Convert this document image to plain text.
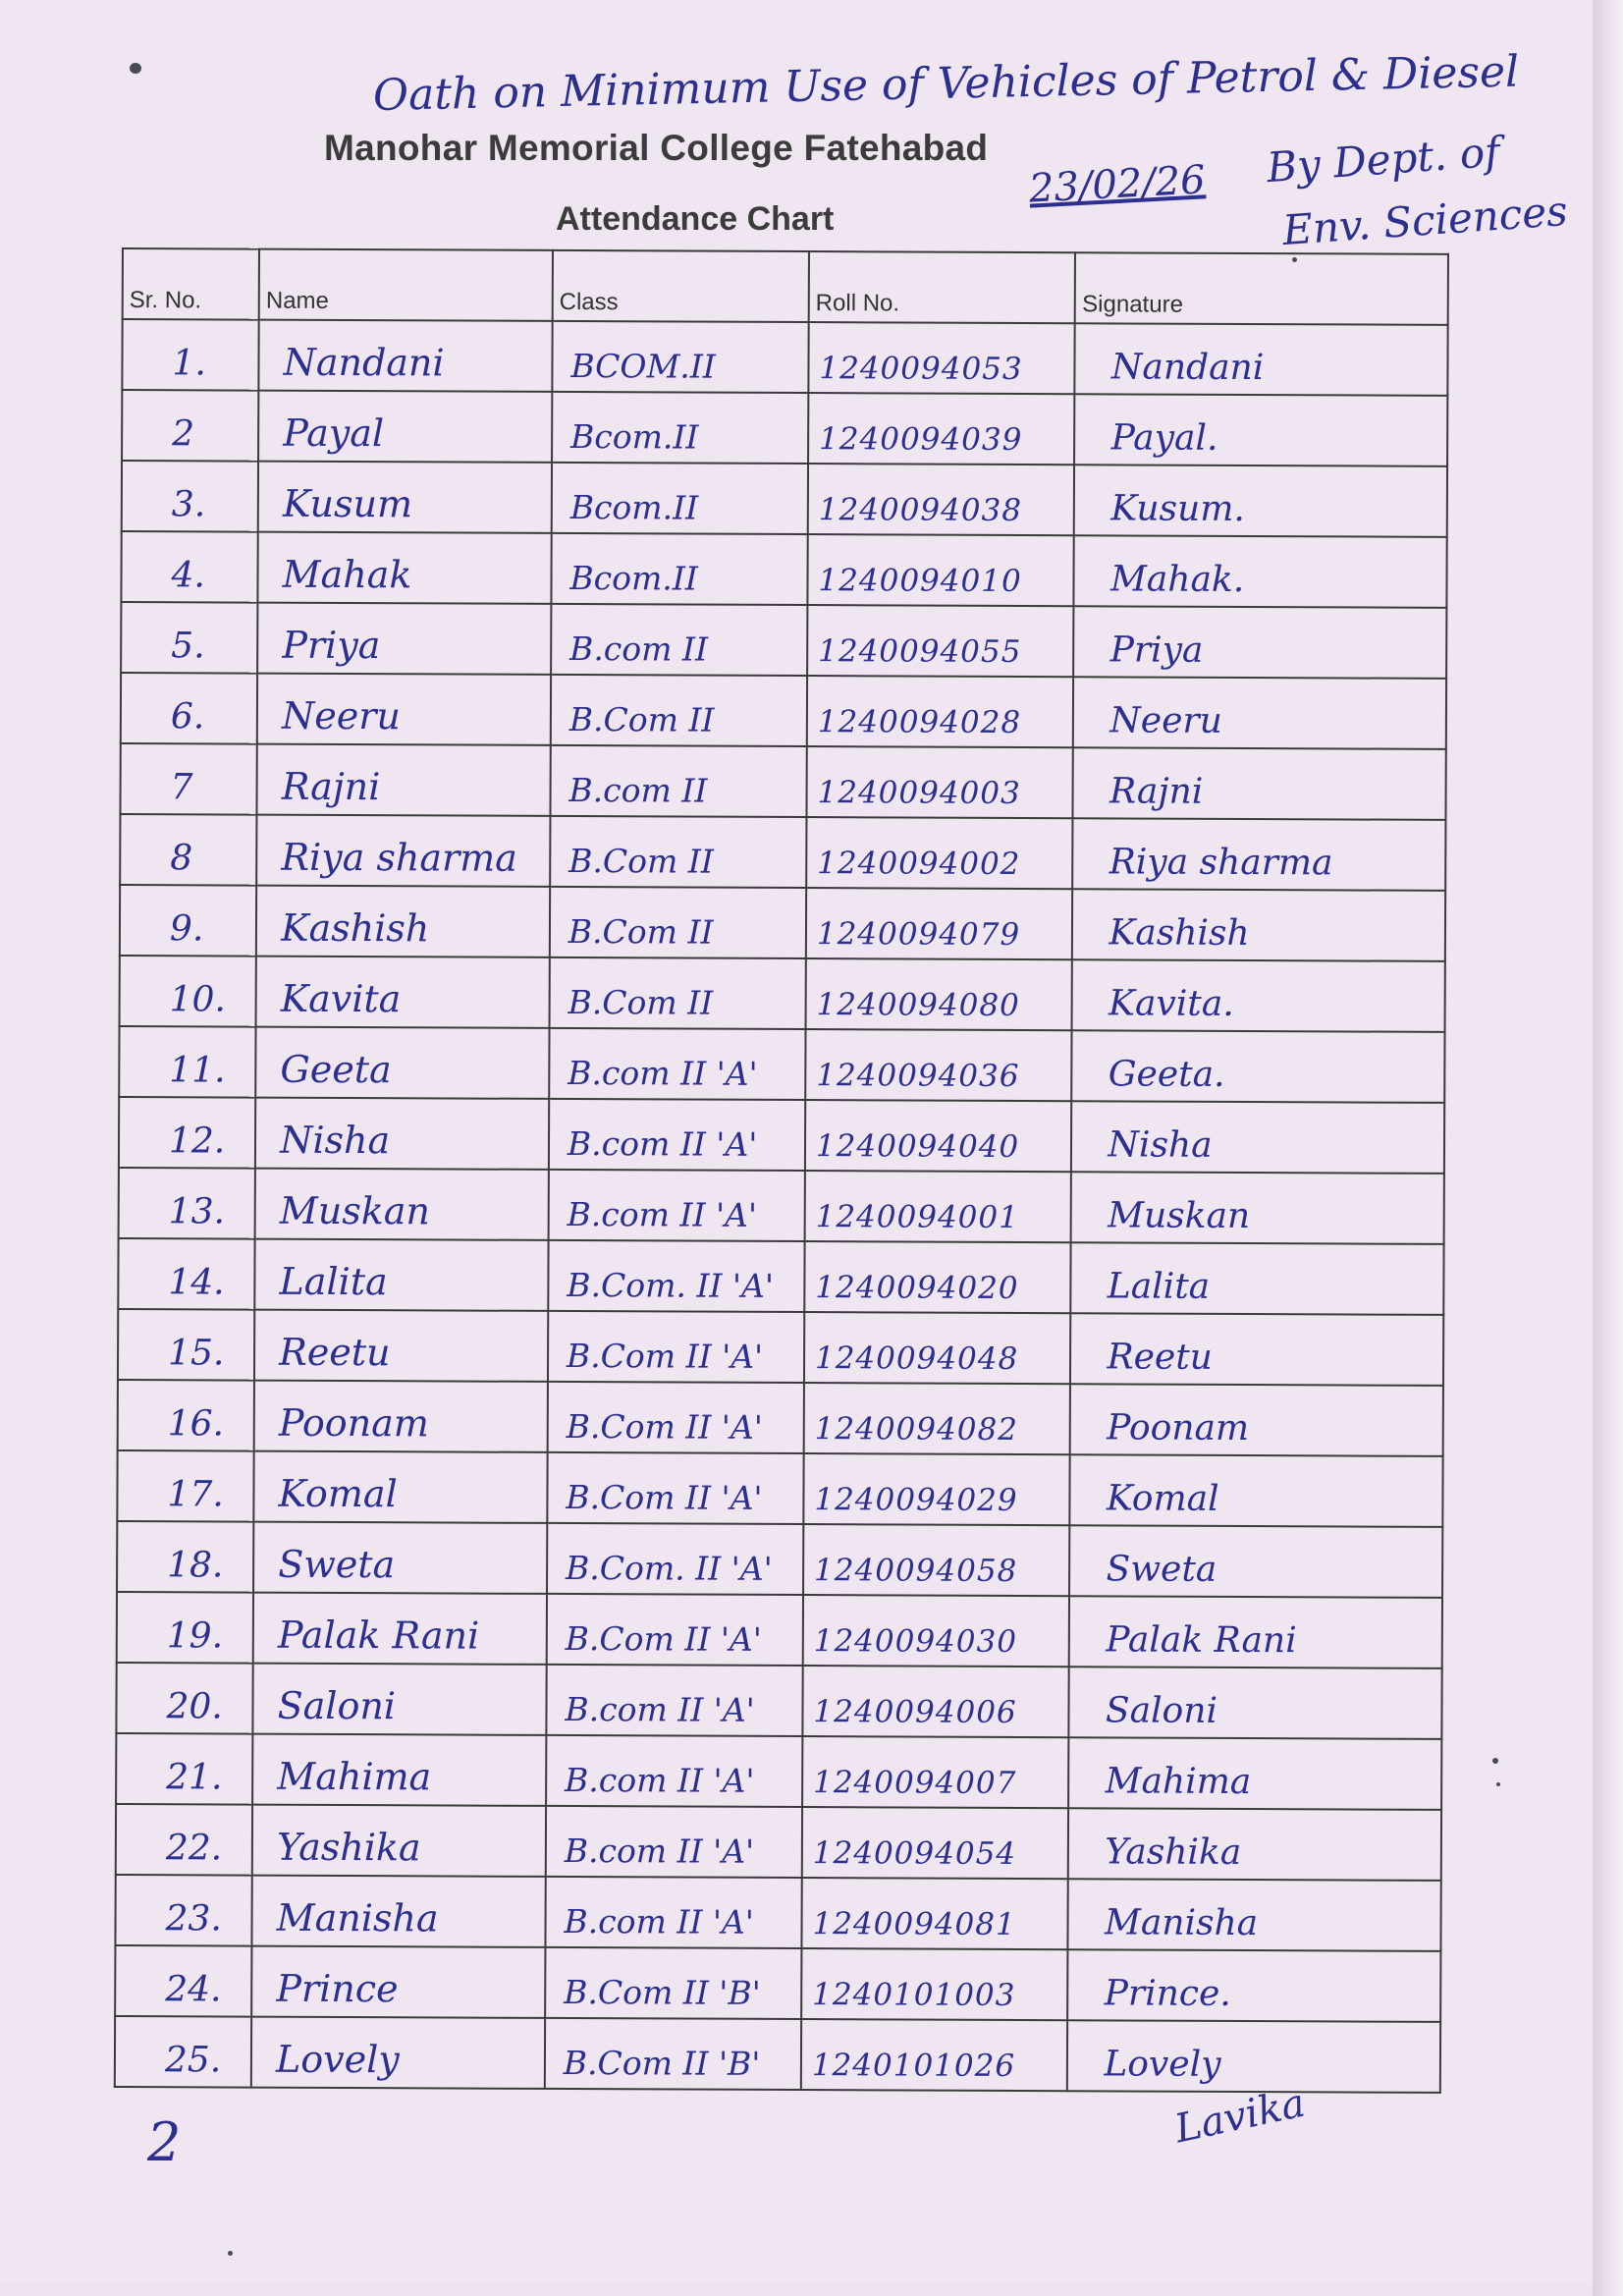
Oath on Minimum Use of Vehicles of Petrol & Diesel
Manohar Memorial College Fatehabad
Attendance Chart
23/02/26 By Dept. of
Env. Sciences
Sr. No.	Name	Class	Roll No.	Signature

1.	Nandani	BCOM.II	1240094053	Nandani

2	Payal	Bcom.II	1240094039	Payal.

3.	Kusum	Bcom.II	1240094038	Kusum.

4.	Mahak	Bcom.II	1240094010	Mahak.

5.	Priya	B.com II	1240094055	Priya

6.	Neeru	B.Com II	1240094028	Neeru

7	Rajni	B.com II	1240094003	Rajni

8	Riya sharma	B.Com II	1240094002	Riya sharma

9.	Kashish	B.Com II	1240094079	Kashish

10.	Kavita	B.Com II	1240094080	Kavita.

11.	Geeta	B.com II 'A'	1240094036	Geeta.

12.	Nisha	B.com II 'A'	1240094040	Nisha

13.	Muskan	B.com II 'A'	1240094001	Muskan

14.	Lalita	B.Com. II 'A'	1240094020	Lalita

15.	Reetu	B.Com II 'A'	1240094048	Reetu

16.	Poonam	B.Com II 'A'	1240094082	Poonam

17.	Komal	B.Com II 'A'	1240094029	Komal

18.	Sweta	B.Com. II 'A'	1240094058	Sweta

19.	Palak Rani	B.Com II 'A'	1240094030	Palak Rani

20.	Saloni	B.com II 'A'	1240094006	Saloni

21.	Mahima	B.com II 'A'	1240094007	Mahima

22.	Yashika	B.com II 'A'	1240094054	Yashika

23.	Manisha	B.com II 'A'	1240094081	Manisha

24.	Prince	B.Com II 'B'	1240101003	Prince.

25.	Lovely	B.Com II 'B'	1240101026	Lovely
2	Lavika
